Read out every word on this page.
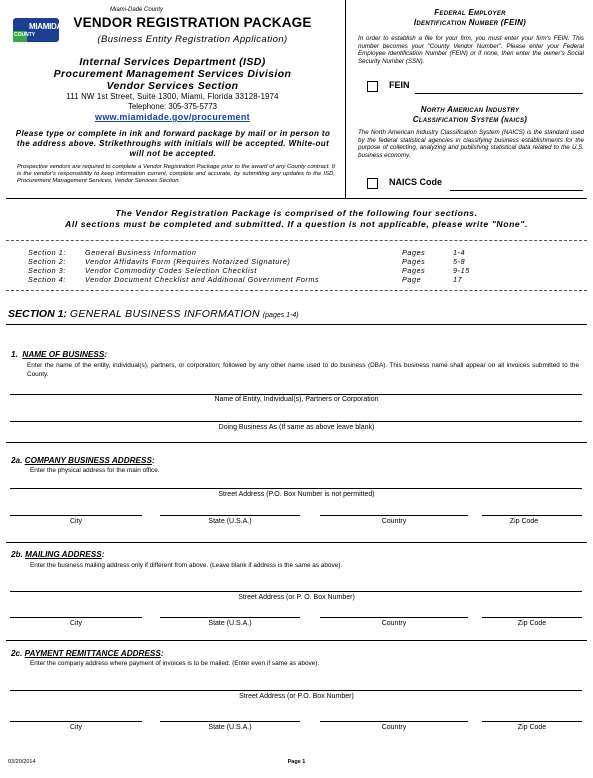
MIAMIDADE
COUNTY
Miami-Dade County
VENDOR REGISTRATION PACKAGE
(Business Entity Registration Application)
Internal Services Department (ISD)
Procurement Management Services Division
Vendor Services Section
111 NW 1st Street, Suite 1300, Miami, Florida 33128-1974
Telephone: 305-375-5773
www.miamidade.gov/procurement
Please type or complete in ink and forward package by mail or in person to the address above. Strikethroughs with initials will be accepted. White-out will not be accepted.
Prospective vendors are required to complete a Vendor Registration Package prior to the award of any County contract. It is the vendor's responsibility to keep information current, complete and accurate, by submitting any updates to the ISD, Procurement Management Services, Vendor Services Section.
Federal Employer
Identification Number (FEIN)
In order to establish a file for your firm, you must enter your firm's FEIN. This number becomes your "County Vendor Number". Please enter your Federal Employee Identification Number (FEIN) or if none, then enter the owner's Social Security Number (SSN).
FEIN
North American Industry
Classification System (naics)
The North American Industry Classification System (NAICS) is the standard used by the federal statistical agencies in classifying business establishments for the purpose of collecting, analyzing and publishing statistical data related to the U.S. business economy.
NAICS Code
The Vendor Registration Package is comprised of the following four sections.
All sections must be completed and submitted. If a question is not applicable, please write "None".
Section 1:	General Business Information	Pages	1-4
Section 2:	Vendor Affidavits Form (Requires Notarized Signature)	Pages	5-8
Section 3:	Vendor Commodity Codes Selection Checklist	Pages	9-15
Section 4:	Vendor Document Checklist and Additional Government Forms	Page	17
SECTION 1: GENERAL BUSINESS INFORMATION (pages 1-4)
1. NAME OF BUSINESS:
Enter the name of the entity, individual(s), partners, or corporation; followed by any other name used to do business (DBA). This business name shall appear on all invoices submitted to the County.
Name of Entity, Individual(s), Partners or Corporation
Doing Business As (If same as above leave blank)
2a. COMPANY BUSINESS ADDRESS:
Enter the physical address for the main office.
Street Address (P.O. Box Number is not permitted)
City	State (U.S.A.)	Country	Zip Code
2b. MAILING ADDRESS:
Enter the business mailing address only if different from above. (Leave blank if address is the same as above).
Street Address (or P. O. Box Number)
City	State (U.S.A.)	Country	Zip Code
2c. PAYMENT REMITTANCE ADDRESS:
Enter the company address where payment of invoices is to be mailed. (Enter even if same as above).
Street Address (or P.O. Box Number)
City	State (U.S.A.)	Country	Zip Code
03/20/2014	Page 1
